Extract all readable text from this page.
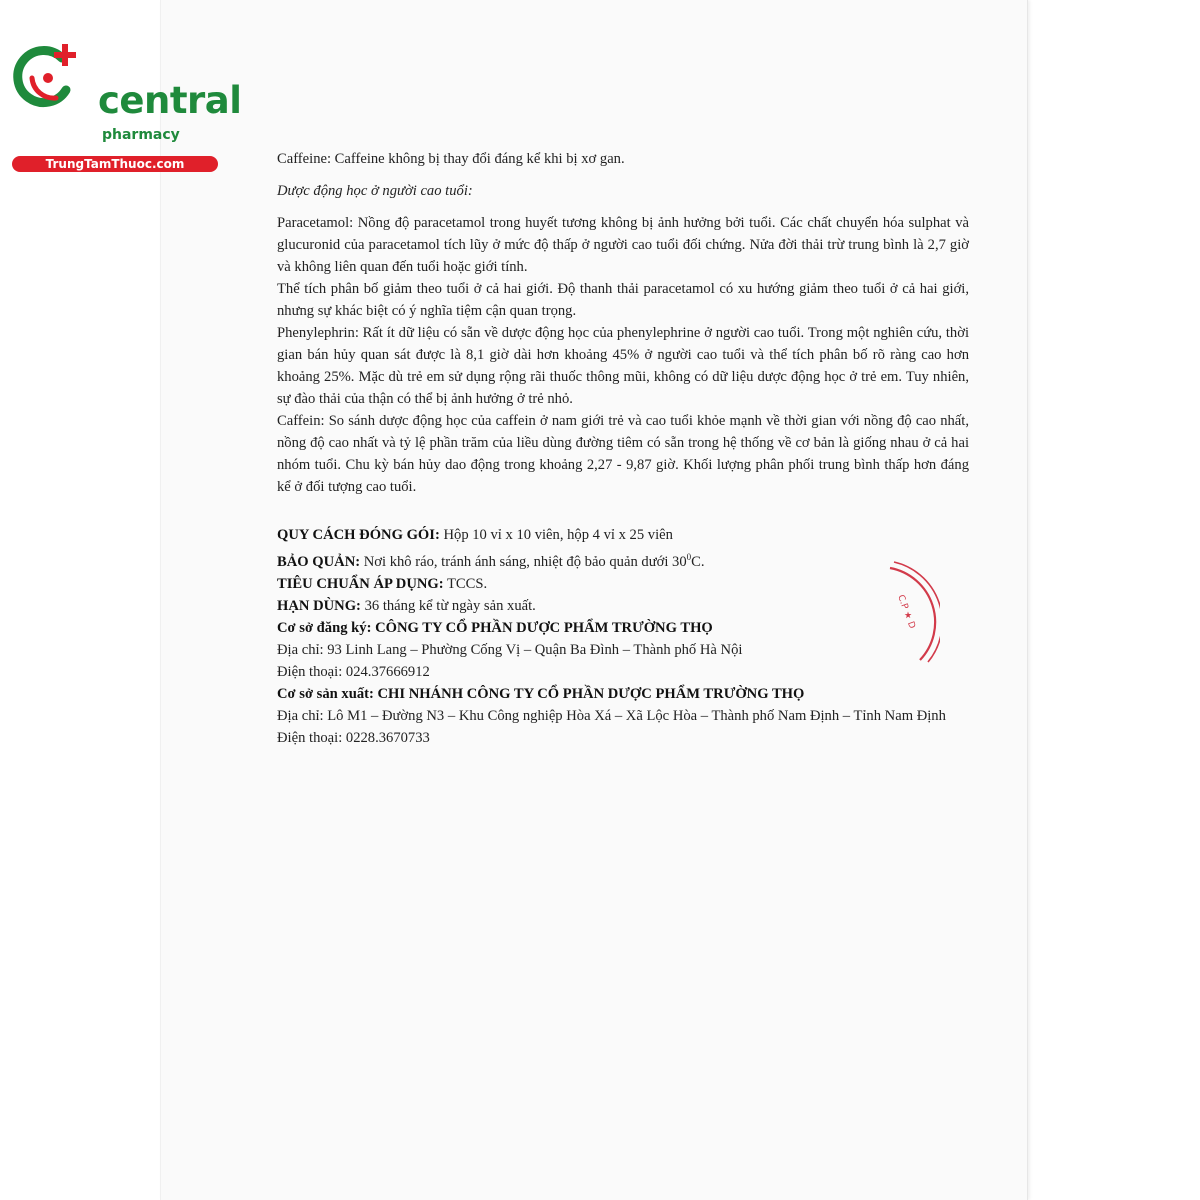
central
pharmacy
TrungTamThuoc.com	Caffeine: Caffeine không bị thay đổi đáng kể khi bị xơ gan.

Dược động học ở người cao tuổi:

Paracetamol: Nồng độ paracetamol trong huyết tương không bị ảnh hưởng bởi tuổi. Các chất chuyển hóa sulphat và glucuronid của paracetamol tích lũy ở mức độ thấp ở người cao tuổi đối chứng. Nửa đời thải trừ trung bình là 2,7 giờ và không liên quan đến tuổi hoặc giới tính.

Thể tích phân bố giảm theo tuổi ở cả hai giới. Độ thanh thải paracetamol có xu hướng giảm theo tuổi ở cả hai giới, nhưng sự khác biệt có ý nghĩa tiệm cận quan trọng.

Phenylephrin: Rất ít dữ liệu có sẵn về dược động học của phenylephrine ở người cao tuổi. Trong một nghiên cứu, thời gian bán hủy quan sát được là 8,1 giờ dài hơn khoảng 45% ở người cao tuổi và thể tích phân bố rõ ràng cao hơn khoảng 25%. Mặc dù trẻ em sử dụng rộng rãi thuốc thông mũi, không có dữ liệu dược động học ở trẻ em. Tuy nhiên, sự đào thải của thận có thể bị ảnh hưởng ở trẻ nhỏ.

Caffein: So sánh dược động học của caffein ở nam giới trẻ và cao tuổi khỏe mạnh về thời gian với nồng độ cao nhất, nồng độ cao nhất và tỷ lệ phần trăm của liều dùng đường tiêm có sẵn trong hệ thống về cơ bản là giống nhau ở cả hai nhóm tuổi. Chu kỳ bán hủy dao động trong khoảng 2,27 - 9,87 giờ. Khối lượng phân phối trung bình thấp hơn đáng kể ở đối tượng cao tuổi.

QUY CÁCH ĐÓNG GÓI: Hộp 10 vỉ x 10 viên, hộp 4 vỉ x 25 viên

BẢO QUẢN: Nơi khô ráo, tránh ánh sáng, nhiệt độ bảo quản dưới $30^0C$.

TIÊU CHUẨN ÁP DỤNG: TCCS.

HẠN DÙNG: 36 tháng kể từ ngày sản xuất.

Cơ sở đăng ký: CÔNG TY CỔ PHẦN DƯỢC PHẨM TRƯỜNG THỌ

Địa chỉ: 93 Linh Lang – Phường Cống Vị – Quận Ba Đình – Thành phố Hà Nội

Điện thoại: 024.37666912

Cơ sở sản xuất: CHI NHÁNH CÔNG TY CỔ PHẦN DƯỢC PHẨM TRƯỜNG THỌ

Địa chỉ: Lô M1 – Đường N3 – Khu Công nghiệp Hòa Xá – Xã Lộc Hòa – Thành phố Nam Định – Tỉnh Nam Định

Điện thoại: 0228.3670733

C.P ★ D
